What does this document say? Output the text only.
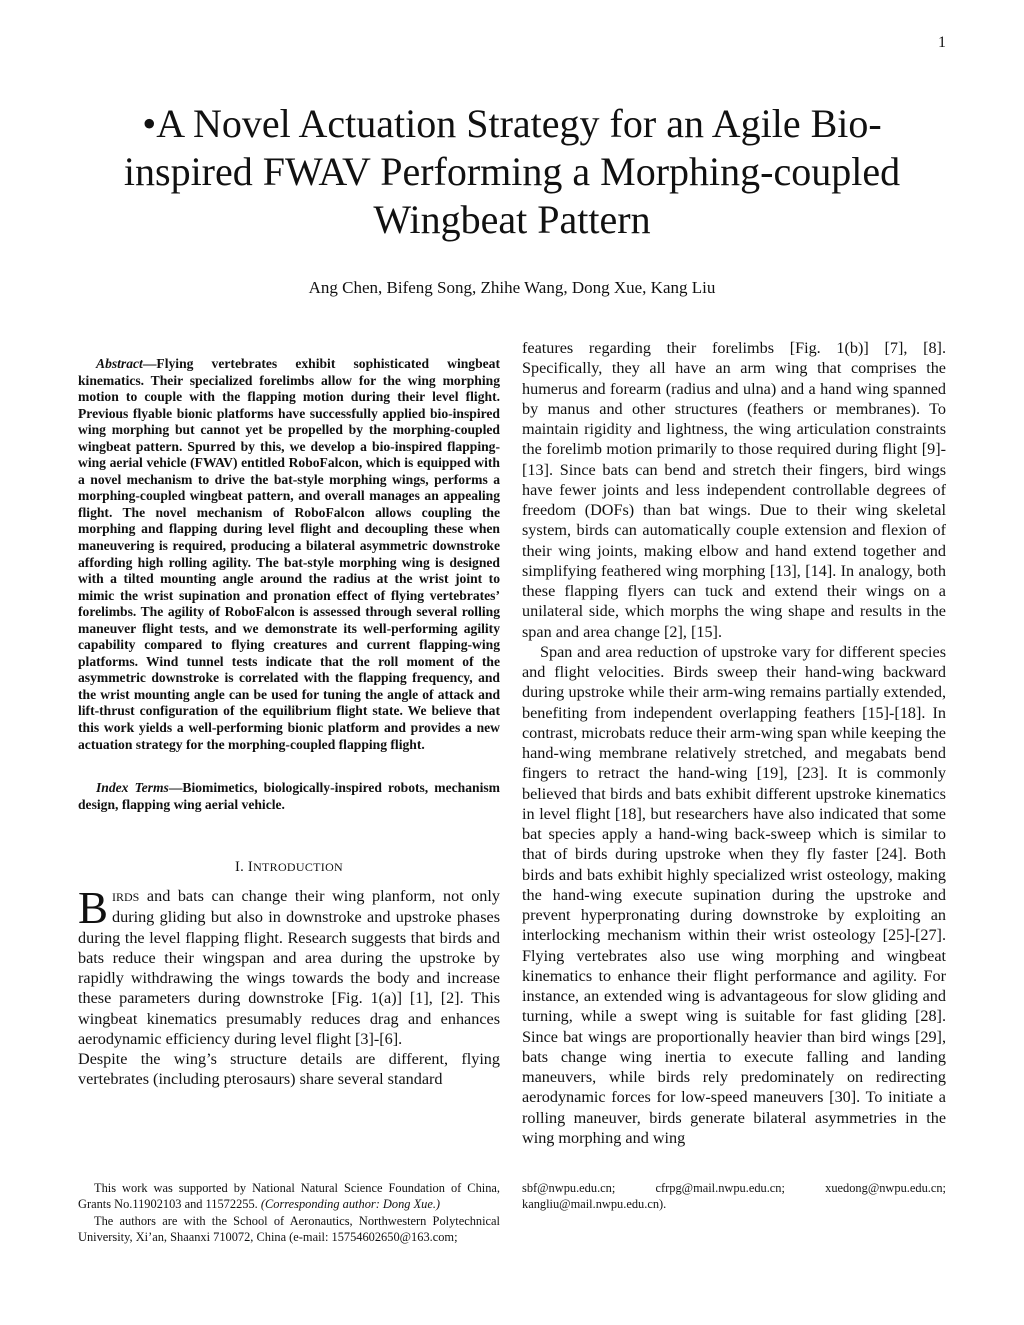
1
•A Novel Actuation Strategy for an Agile Bio-inspired FWAV Performing a Morphing-coupled Wingbeat Pattern
Ang Chen, Bifeng Song, Zhihe Wang, Dong Xue, Kang Liu

Abstract—Flying vertebrates exhibit sophisticated wingbeat kinematics. Their specialized forelimbs allow for the wing morphing motion to couple with the flapping motion during their level flight. Previous flyable bionic platforms have successfully applied bio-inspired wing morphing but cannot yet be propelled by the morphing-coupled wingbeat pattern. Spurred by this, we develop a bio-inspired flapping-wing aerial vehicle (FWAV) entitled RoboFalcon, which is equipped with a novel mechanism to drive the bat-style morphing wings, performs a morphing-coupled wingbeat pattern, and overall manages an appealing flight. The novel mechanism of RoboFalcon allows coupling the morphing and flapping during level flight and decoupling these when maneuvering is required, producing a bilateral asymmetric downstroke affording high rolling agility. The bat-style morphing wing is designed with a tilted mounting angle around the radius at the wrist joint to mimic the wrist supination and pronation effect of flying vertebrates’ forelimbs. The agility of RoboFalcon is assessed through several rolling maneuver flight tests, and we demonstrate its well-performing agility capability compared to flying creatures and current flapping-wing platforms. Wind tunnel tests indicate that the roll moment of the asymmetric downstroke is correlated with the flapping frequency, and the wrist mounting angle can be used for tuning the angle of attack and lift-thrust configuration of the equilibrium flight state. We believe that this work yields a well-performing bionic platform and provides a new actuation strategy for the morphing-coupled flapping flight.

Index Terms—Biomimetics, biologically-inspired robots, mechanism design, flapping wing aerial vehicle.

I. INTRODUCTION

BIRDS and bats can change their wing planform, not only during gliding but also in downstroke and upstroke phases during the level flapping flight. Research suggests that birds and bats reduce their wingspan and area during the upstroke by rapidly withdrawing the wings towards the body and increase these parameters during downstroke [Fig. 1(a)] [1], [2]. This wingbeat kinematics presumably reduces drag and enhances aerodynamic efficiency during level flight [3]-[6].

Despite the wing’s structure details are different, flying vertebrates (including pterosaurs) share several standard

features regarding their forelimbs [Fig. 1(b)] [7], [8]. Specifically, they all have an arm wing that comprises the humerus and forearm (radius and ulna) and a hand wing spanned by manus and other structures (feathers or membranes). To maintain rigidity and lightness, the wing articulation constraints the forelimb motion primarily to those required during flight [9]-[13]. Since bats can bend and stretch their fingers, bird wings have fewer joints and less independent controllable degrees of freedom (DOFs) than bat wings. Due to their wing skeletal system, birds can automatically couple extension and flexion of their wing joints, making elbow and hand extend together and simplifying feathered wing morphing [13], [14]. In analogy, both these flapping flyers can tuck and extend their wings on a unilateral side, which morphs the wing shape and results in the span and area change [2], [15].

Span and area reduction of upstroke vary for different species and flight velocities. Birds sweep their hand-wing backward during upstroke while their arm-wing remains partially extended, benefiting from independent overlapping feathers [15]-[18]. In contrast, microbats reduce their arm-wing span while keeping the hand-wing membrane relatively stretched, and megabats bend fingers to retract the hand-wing [19], [23]. It is commonly believed that birds and bats exhibit different upstroke kinematics in level flight [18], but researchers have also indicated that some bat species apply a hand-wing back-sweep which is similar to that of birds during upstroke when they fly faster [24]. Both birds and bats exhibit highly specialized wrist osteology, making the hand-wing execute supination during the upstroke and prevent hyperpronating during downstroke by exploiting an interlocking mechanism within their wrist osteology [25]-[27]. Flying vertebrates also use wing morphing and wingbeat kinematics to enhance their flight performance and agility. For instance, an extended wing is advantageous for slow gliding and turning, while a swept wing is suitable for fast gliding [28]. Since bat wings are proportionally heavier than bird wings [29], bats change wing inertia to execute falling and landing maneuvers, while birds rely predominately on redirecting aerodynamic forces for low-speed maneuvers [30]. To initiate a rolling maneuver, birds generate bilateral asymmetries in the wing morphing and wing

This work was supported by National Natural Science Foundation of China, Grants No.11902103 and 11572255. (Corresponding author: Dong Xue.)

The authors are with the School of Aeronautics, Northwestern Polytechnical University, Xi’an, Shaanxi 710072, China (e-mail: 15754602650@163.com;

sbf@nwpu.edu.cn; cfrpg@mail.nwpu.edu.cn; xuedong@nwpu.edu.cn; kangliu@mail.nwpu.edu.cn).
